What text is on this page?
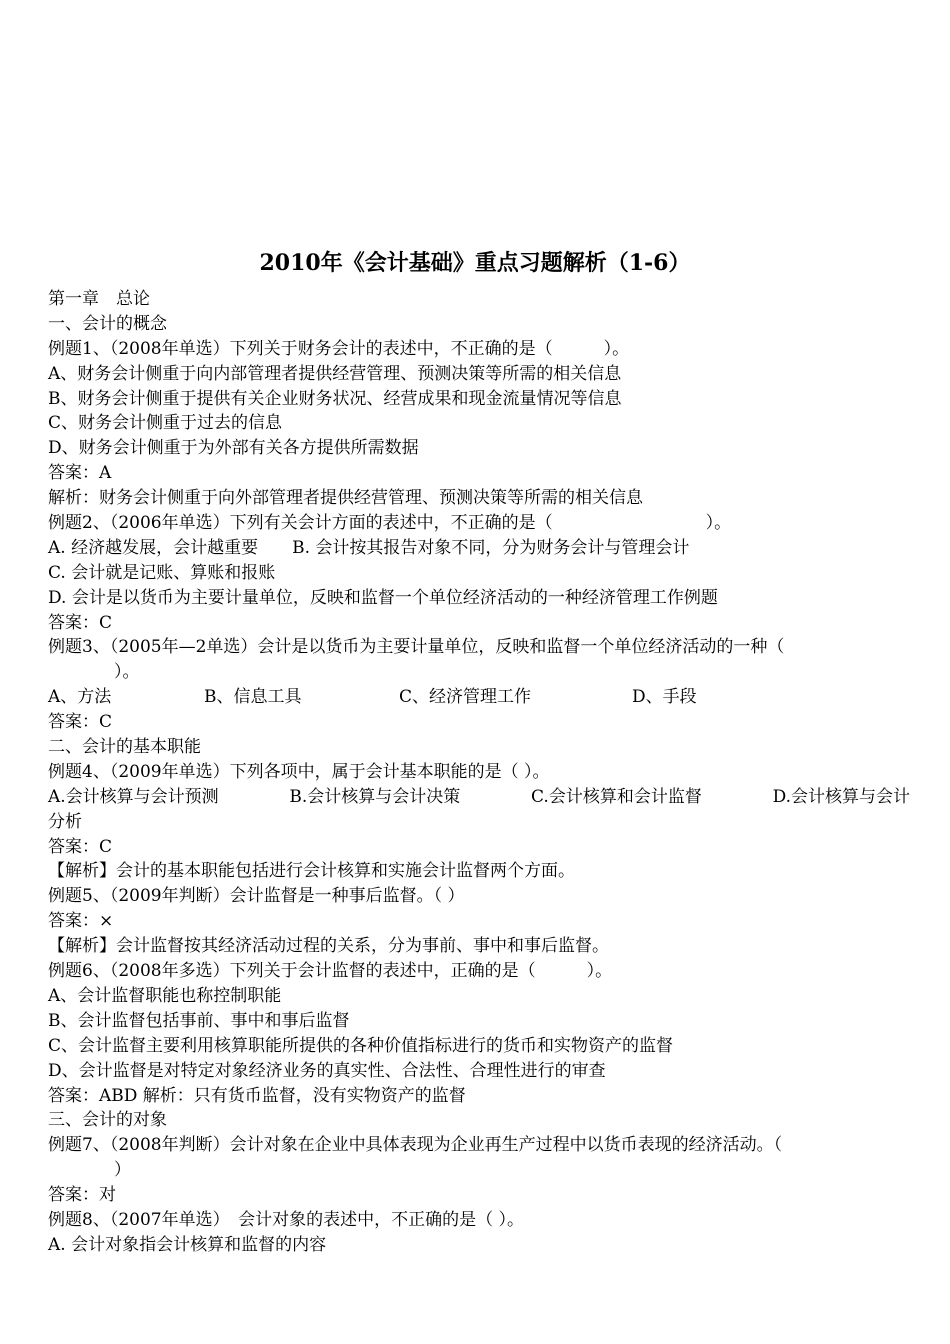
2010年《会计基础》重点习题解析（1-6）
第一章　总论
一、会计的概念
例题1、（2008年单选）下列关于财务会计的表述中，不正确的是（　　　）。
A、财务会计侧重于向内部管理者提供经营管理、预测决策等所需的相关信息
B、财务会计侧重于提供有关企业财务状况、经营成果和现金流量情况等信息
C、财务会计侧重于过去的信息
D、财务会计侧重于为外部有关各方提供所需数据
答案：A
解析：财务会计侧重于向外部管理者提供经营管理、预测决策等所需的相关信息
例题2、（2006年单选）下列有关会计方面的表述中，不正确的是（　　　　　　　　　）。
A. 经济越发展，会计越重要　　B. 会计按其报告对象不同，分为财务会计与管理会计
C. 会计就是记账、算账和报账
D. 会计是以货币为主要计量单位，反映和监督一个单位经济活动的一种经济管理工作例题
答案：C
例题3、（2005年—2单选）会计是以货币为主要计量单位，反映和监督一个单位经济活动的一种（
）。
A、方法	B、信息工具	C、经济管理工作	D、手段
答案：C
二、会计的基本职能
例题4、（2009年单选）下列各项中，属于会计基本职能的是（ ）。
A.会计核算与会计预测	B.会计核算与会计决策	C.会计核算和会计监督	D.会计核算与会计
分析
答案：C
【解析】会计的基本职能包括进行会计核算和实施会计监督两个方面。
例题5、（2009年判断）会计监督是一种事后监督。（ ）
答案：×
【解析】会计监督按其经济活动过程的关系，分为事前、事中和事后监督。
例题6、（2008年多选）下列关于会计监督的表述中，正确的是（　　　）。
A、会计监督职能也称控制职能
B、会计监督包括事前、事中和事后监督
C、会计监督主要利用核算职能所提供的各种价值指标进行的货币和实物资产的监督
D、会计监督是对特定对象经济业务的真实性、合法性、合理性进行的审查
答案：ABD 解析：只有货币监督，没有实物资产的监督
三、会计的对象
例题7、（2008年判断）会计对象在企业中具体表现为企业再生产过程中以货币表现的经济活动。（
）
答案：对
例题8、（2007年单选）　会计对象的表述中，不正确的是（ ）。
A. 会计对象指会计核算和监督的内容
